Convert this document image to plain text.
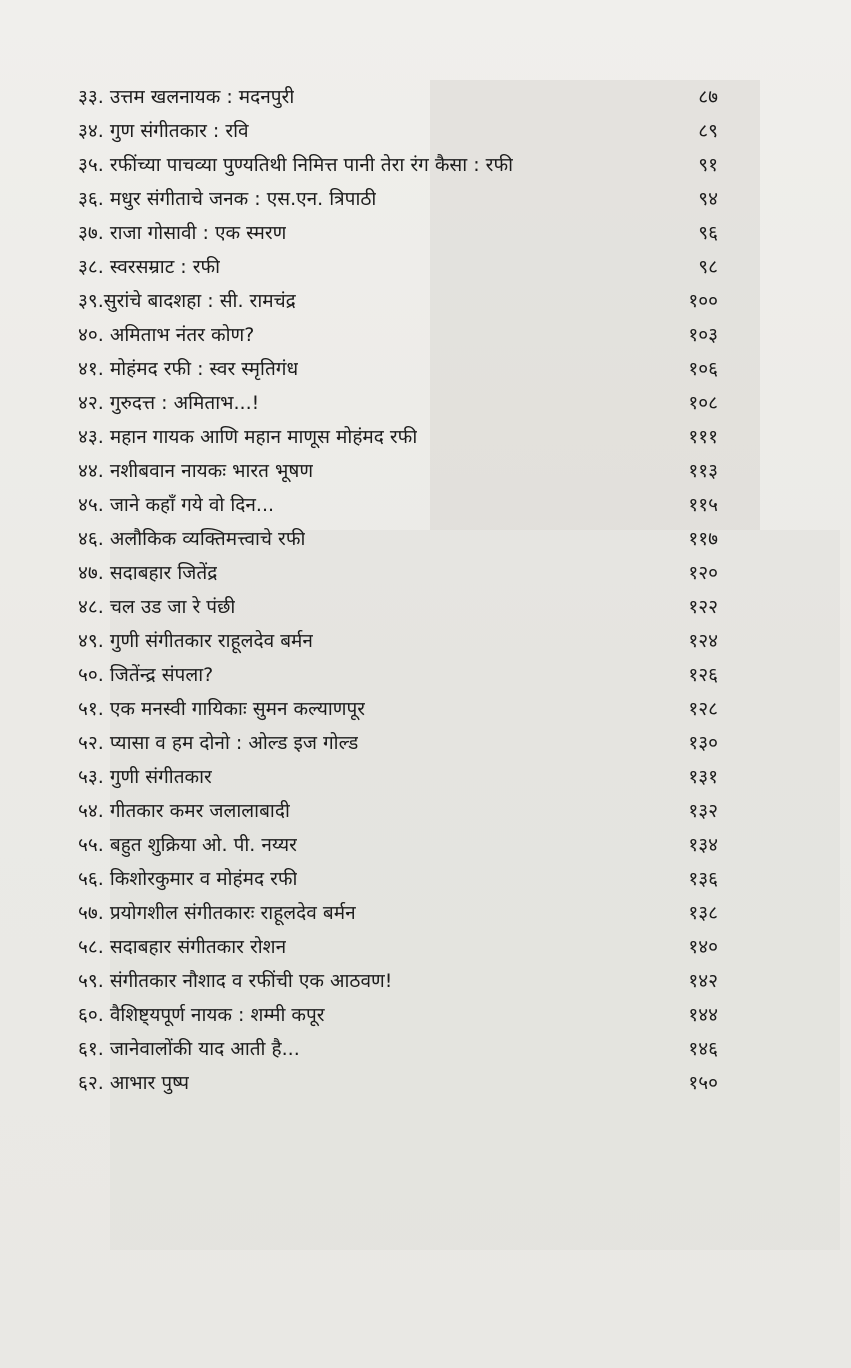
३३. उत्तम खलनायक : मदनपुरी	८७
३४. गुण संगीतकार : रवि	८९
३५. रफींच्या पाचव्या पुण्यतिथी निमित्त पानी तेरा रंग कैसा : रफी	९१
३६. मधुर संगीताचे जनक : एस.एन. त्रिपाठी	९४
३७. राजा गोसावी : एक स्मरण	९६
३८. स्वरसम्राट : रफी	९८
३९.सुरांचे बादशहा : सी. रामचंद्र	१००
४०. अमिताभ नंतर कोण?	१०३
४१. मोहंमद रफी : स्वर स्मृतिगंध	१०६
४२. गुरुदत्त : अमिताभ...!	१०८
४३. महान गायक आणि महान माणूस मोहंमद रफी	१११
४४. नशीबवान नायकः भारत भूषण	११३
४५. जाने कहाँ गये वो दिन...	११५
४६. अलौकिक व्यक्तिमत्त्वाचे रफी	११७
४७. सदाबहार जितेंद्र	१२०
४८. चल उड जा रे पंछी	१२२
४९. गुणी संगीतकार राहूलदेव बर्मन	१२४
५०. जितेंन्द्र संपला?	१२६
५१. एक मनस्वी गायिकाः सुमन कल्याणपूर	१२८
५२. प्यासा व हम दोनो : ओल्ड इज गोल्ड	१३०
५३. गुणी संगीतकार	१३१
५४. गीतकार कमर जलालाबादी	१३२
५५. बहुत शुक्रिया ओ. पी. नय्यर	१३४
५६. किशोरकुमार व मोहंमद रफी	१३६
५७. प्रयोगशील संगीतकारः राहूलदेव बर्मन	१३८
५८. सदाबहार संगीतकार रोशन	१४०
५९. संगीतकार नौशाद व रफींची एक आठवण!	१४२
६०. वैशिष्ट्यपूर्ण नायक : शम्मी कपूर	१४४
६१. जानेवालोंकी याद आती है...	१४६
६२. आभार पुष्प	१५०
